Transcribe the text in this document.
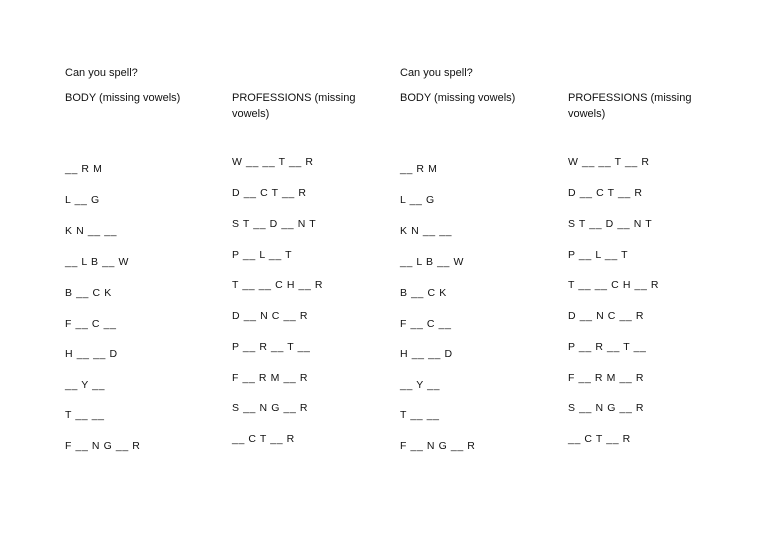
Can you spell?
BODY (missing vowels)	PROFESSIONS (missing vowels)
__ R M
L __ G
K N __ __
__ L B __ W
B __ C K
F __ C __
H __ __ D
__ Y __
T __ __
F __ N G __ R
W __ __ T __ R
D __ C T __ R
S T __ D __ N T
P __ L __ T
T __ __ C H __ R
D __ N C __ R
P __ R __ T __
F __ R M __ R
S __ N G __ R
__ C T __ R
Can you spell?
BODY (missing vowels)	PROFESSIONS (missing vowels)
__ R M
L __ G
K N __ __
__ L B __ W
B __ C K
F __ C __
H __ __ D
__ Y __
T __ __
F __ N G __ R
W __ __ T __ R
D __ C T __ R
S T __ D __ N T
P __ L __ T
T __ __ C H __ R
D __ N C __ R
P __ R __ T __
F __ R M __ R
S __ N G __ R
__ C T __ R
